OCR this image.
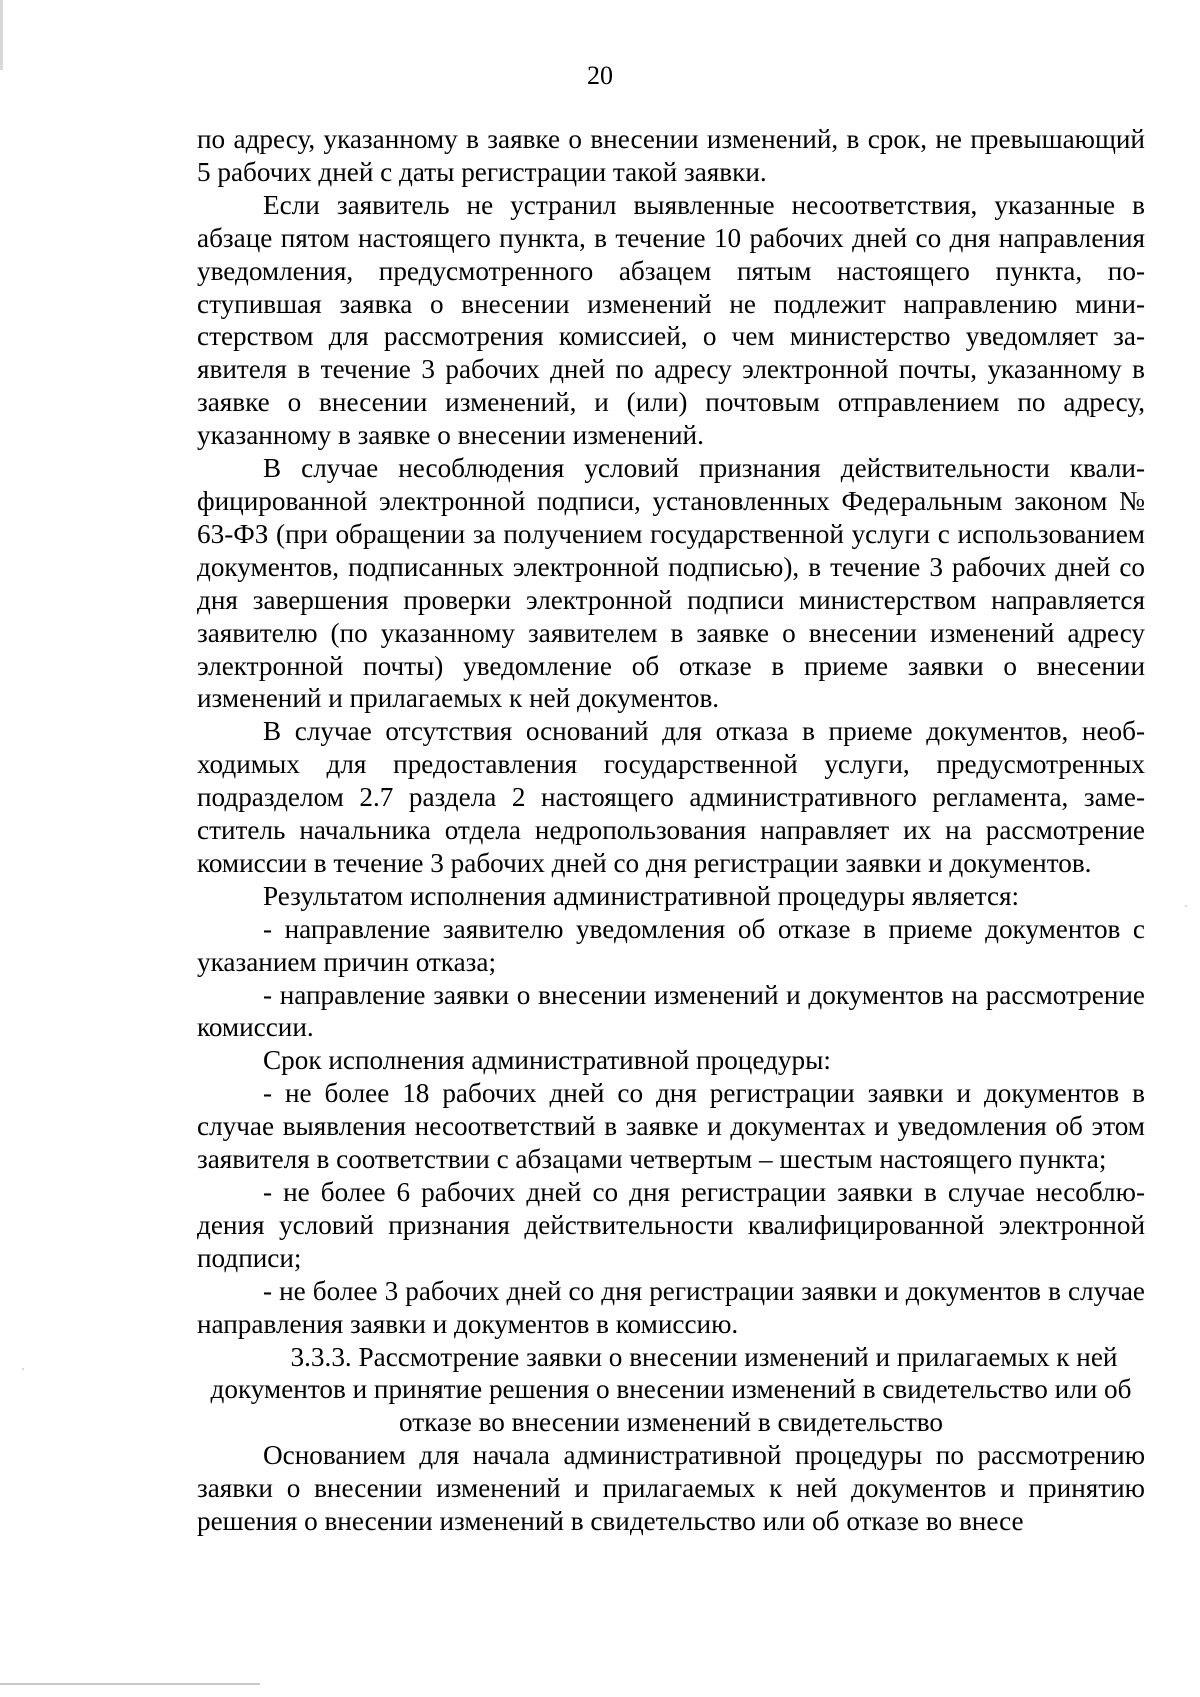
20

по адресу, указанному в заявке о внесении изменений, в срок, не превышающий 5 рабочих дней с даты регистрации такой заявки.

Если заявитель не устранил выявленные несоответствия, указанные в абзаце пятом настоящего пункта, в течение 10 рабочих дней со дня направления уведомления, предусмотренного абзацем пятым настоящего пункта, поступившая заявка о внесении изменений не подлежит направлению министерством для рассмотрения комиссией, о чем министерство уведомляет заявителя в течение 3 рабочих дней по адресу электронной почты, указанному в заявке о внесении изменений, и (или) почтовым отправлением по адресу, указанному в заявке о внесении изменений.

В случае несоблюдения условий признания действительности квалифицированной электронной подписи, установленных Федеральным законом № 63-ФЗ (при обращении за получением государственной услуги с использованием документов, подписанных электронной подписью), в течение 3 рабочих дней со дня завершения проверки электронной подписи министерством направляется заявителю (по указанному заявителем в заявке о внесении изменений адресу электронной почты) уведомление об отказе в приеме заявки о внесении изменений и прилагаемых к ней документов.

В случае отсутствия оснований для отказа в приеме документов, необходимых для предоставления государственной услуги, предусмотренных подразделом 2.7 раздела 2 настоящего административного регламента, заместитель начальника отдела недропользования направляет их на рассмотрение комиссии в течение 3 рабочих дней со дня регистрации заявки и документов.

Результатом исполнения административной процедуры является:

- направление заявителю уведомления об отказе в приеме документов с указанием причин отказа;

- направление заявки о внесении изменений и документов на рассмотрение комиссии.

Срок исполнения административной процедуры:

- не более 18 рабочих дней со дня регистрации заявки и документов в случае выявления несоответствий в заявке и документах и уведомления об этом заявителя в соответствии с абзацами четвертым – шестым настоящего пункта;

- не более 6 рабочих дней со дня регистрации заявки в случае несоблюдения условий признания действительности квалифицированной электронной подписи;

- не более 3 рабочих дней со дня регистрации заявки и документов в случае направления заявки и документов в комиссию.

3.3.3. Рассмотрение заявки о внесении изменений и прилагаемых к ней документов и принятие решения о внесении изменений в свидетельство или об отказе во внесении изменений в свидетельство

Основанием для начала административной процедуры по рассмотрению заявки о внесении изменений и прилагаемых к ней документов и принятию решения о внесении изменений в свидетельство или об отказе во внесе
